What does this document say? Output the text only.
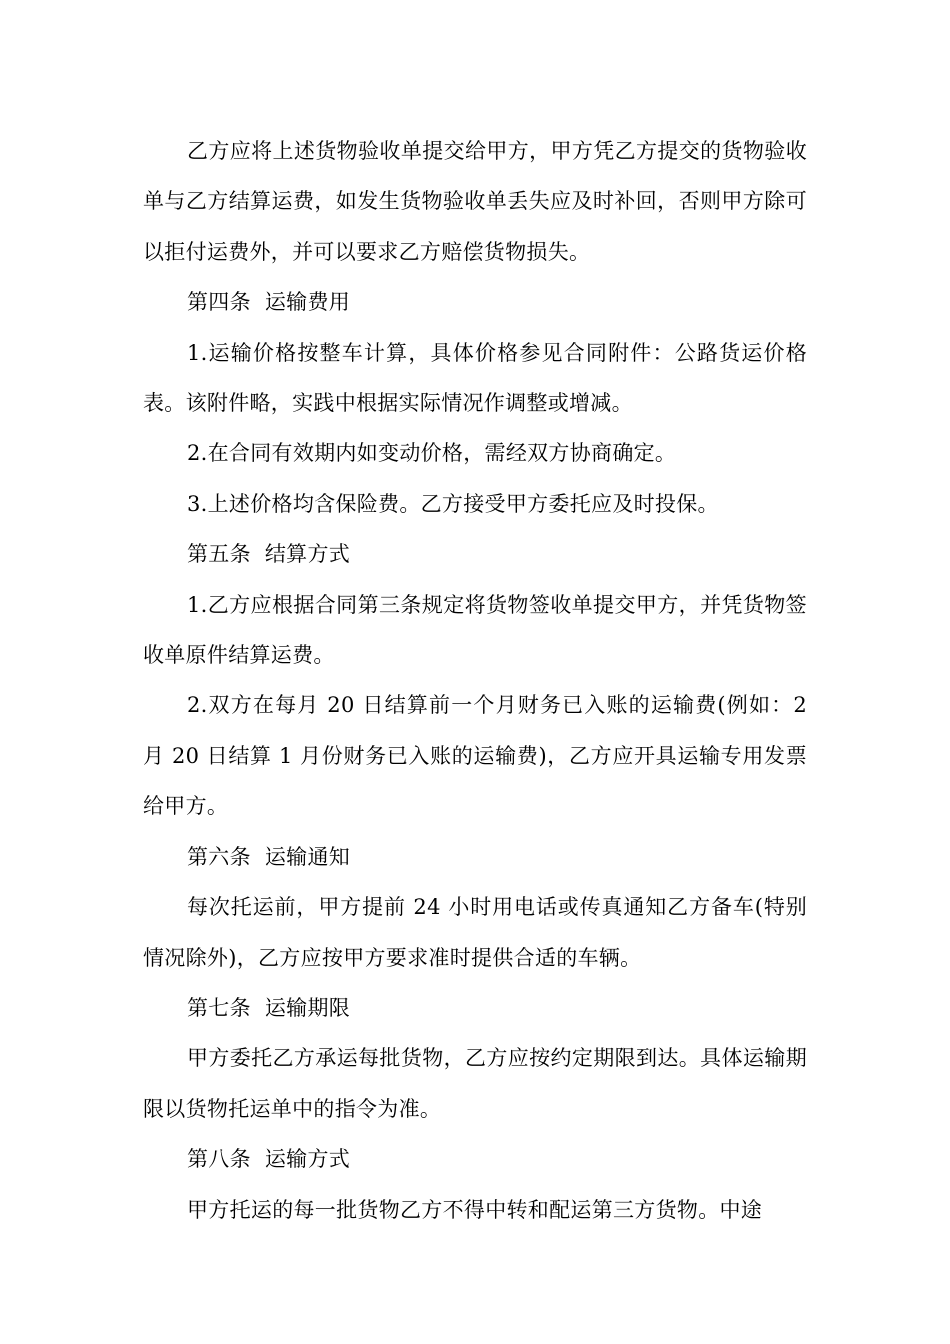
乙方应将上述货物验收单提交给甲方，甲方凭乙方提交的货物验收单与乙方结算运费，如发生货物验收单丢失应及时补回，否则甲方除可以拒付运费外，并可以要求乙方赔偿货物损失。

第四条  运输费用

1.运输价格按整车计算，具体价格参见合同附件：公路货运价格表。该附件略，实践中根据实际情况作调整或增减。

2.在合同有效期内如变动价格，需经双方协商确定。

3.上述价格均含保险费。乙方接受甲方委托应及时投保。

第五条  结算方式

1.乙方应根据合同第三条规定将货物签收单提交甲方，并凭货物签收单原件结算运费。

2.双方在每月 20 日结算前一个月财务已入账的运输费(例如：2 月 20 日结算 1 月份财务已入账的运输费)，乙方应开具运输专用发票给甲方。

第六条  运输通知

每次托运前，甲方提前 24 小时用电话或传真通知乙方备车(特别情况除外)，乙方应按甲方要求准时提供合适的车辆。

第七条  运输期限

甲方委托乙方承运每批货物，乙方应按约定期限到达。具体运输期限以货物托运单中的指令为准。

第八条  运输方式

甲方托运的每一批货物乙方不得中转和配运第三方货物。中途
